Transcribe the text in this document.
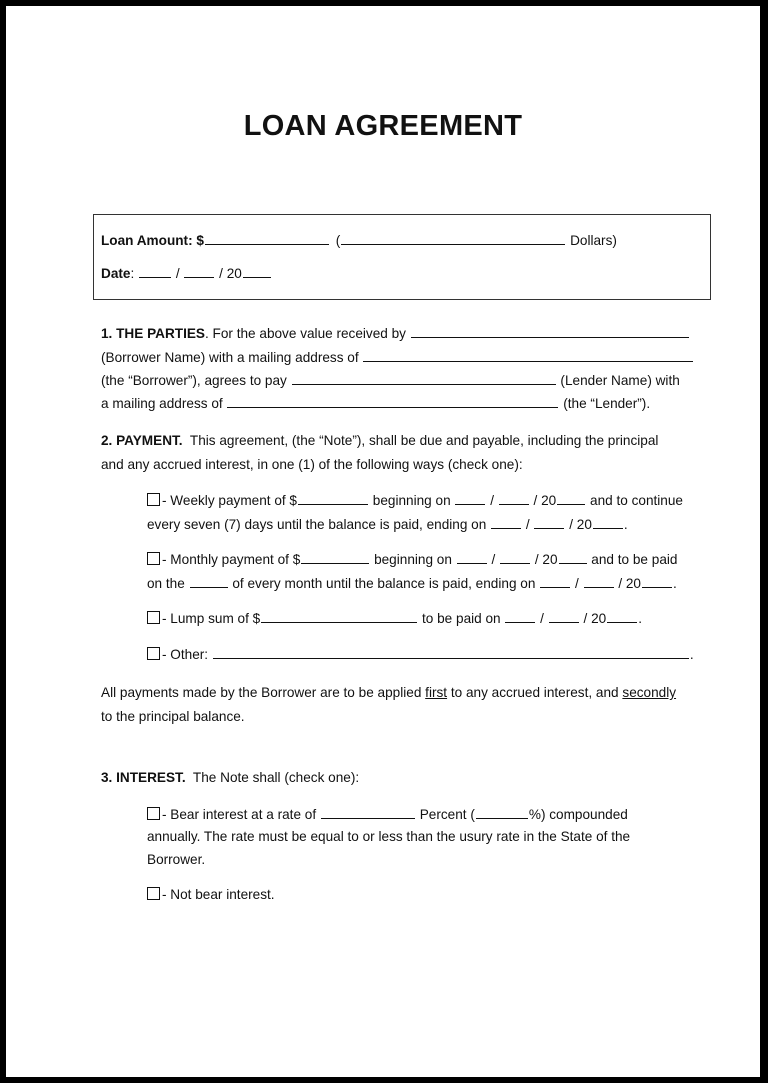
LOAN AGREEMENT
Loan Amount: $	(	Dollars)
Date:	/	/ 20
1. THE PARTIES. For the above value received by
(Borrower Name) with a mailing address of
(the “Borrower”), agrees to pay	(Lender Name) with
a mailing address of	(the “Lender”).
2. PAYMENT. This agreement, (the “Note”), shall be due and payable, including the principal
and any accrued interest, in one (1) of the following ways (check one):
- Weekly payment of $	beginning on	/	/ 20 and to continue
every seven (7) days until the balance is paid, ending on	/	/ 20 .
- Monthly payment of $	beginning on	/	/ 20 and to be paid
on the	of every month until the balance is paid, ending on	/	/ 20 .
- Lump sum of $	to be paid on	/	/ 20 .
- Other:	.
All payments made by the Borrower are to be applied first to any accrued interest, and secondly
to the principal balance.
3. INTEREST. The Note shall (check one):
- Bear interest at a rate of	Percent (	%) compounded
annually. The rate must be equal to or less than the usury rate in the State of the
Borrower.
- Not bear interest.
